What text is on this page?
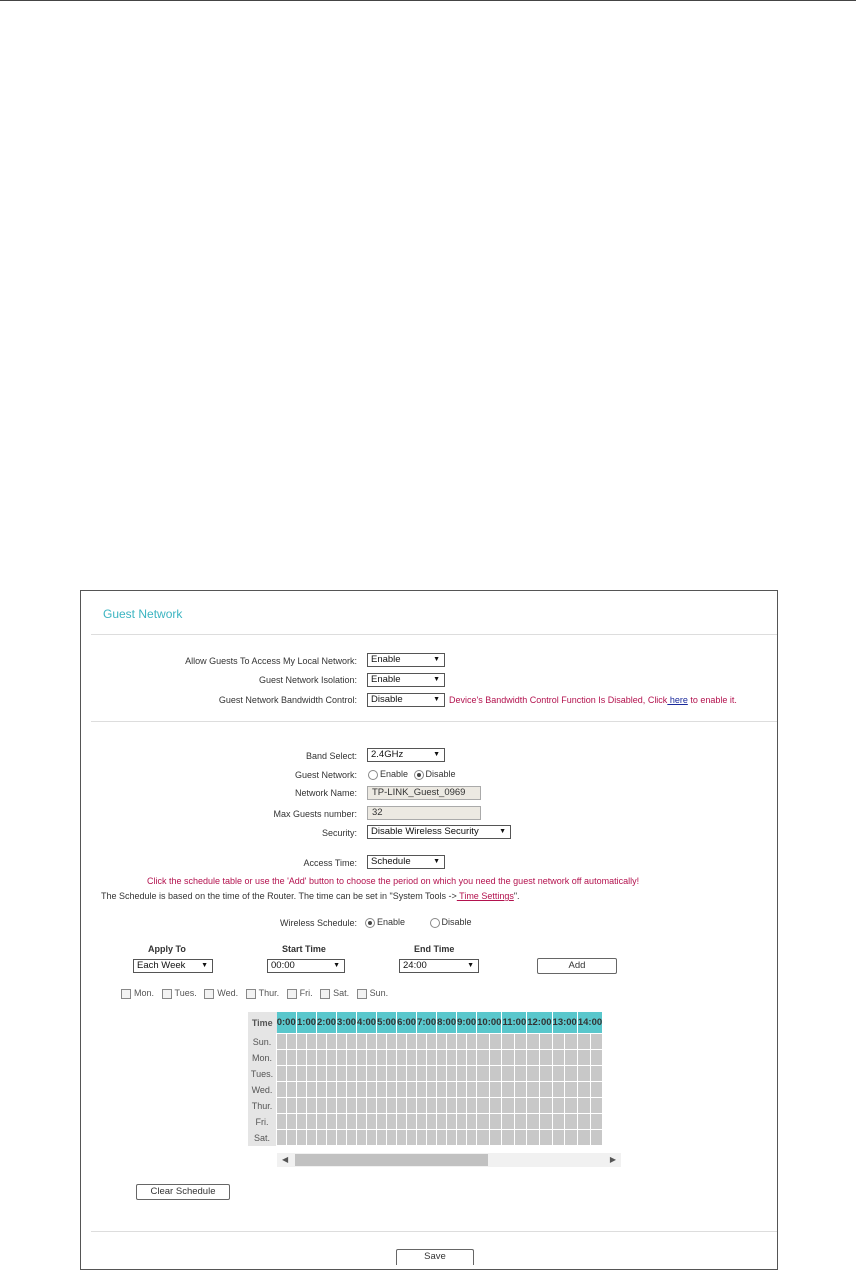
Guest Network
Allow Guests To Access My Local Network:	Enable	▼
Guest Network Isolation:	Enable	▼
Guest Network Bandwidth Control:	Disable	▼ Device's Bandwidth Control Function Is Disabled, Click here to enable it.
Band Select:	2.4GHz	▼
Guest Network:	Enable Disable
Network Name:	TP-LINK_Guest_0969
Max Guests number:	32
Security:	Disable Wireless Security	▼
Access Time:	Schedule	▼
Click the schedule table or use the 'Add' button to choose the period on which you need the guest network off automatically!
The Schedule is based on the time of the Router. The time can be set in "System Tools -> Time Settings".
Wireless Schedule:	Enable	Disable
Apply To
Each Week ▼
Start Time
00:00	▼
End Time
24:00	▼	Add
Mon. Tues. Wed. Thur. Fri. Sat. Sun.
Time	0:00		1:00		2:00		3:00		4:00		5:00		6:00		7:00		8:00		9:00		10:00		11:00		12:00		13:00		14:00	
Sun.																														
Mon.																														
Tues.																														
Wed.																														
Thur.																														
Fri.																														
Sat.																														
◀	▶
Clear Schedule
Save
